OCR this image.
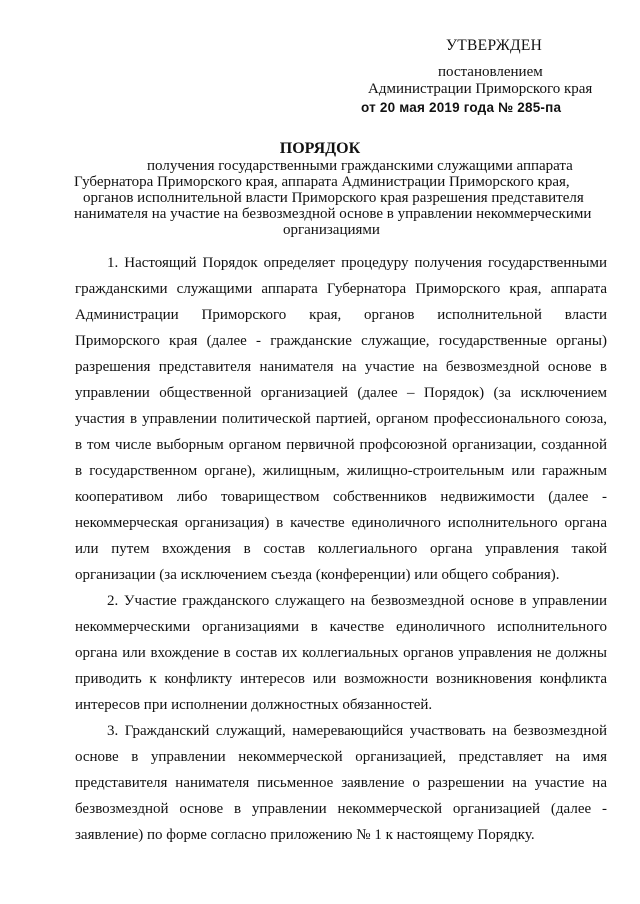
УТВЕРЖДЕН
постановлением
Администрации Приморского края
от 20 мая 2019 года № 285-па
ПОРЯДОК
получения государственными гражданскими служащими аппарата
Губернатора Приморского края, аппарата Администрации Приморского края,
органов исполнительной власти Приморского края разрешения представителя
нанимателя на участие на безвозмездной основе в управлении некоммерческими
организациями
1. Настоящий Порядок определяет процедуру получения государственными
гражданскими служащими аппарата Губернатора Приморского края, аппарата
Администрации Приморского края, органов исполнительной власти
Приморского края (далее - гражданские служащие, государственные органы)
разрешения представителя нанимателя на участие на безвозмездной основе в
управлении общественной организацией (далее – Порядок) (за исключением
участия в управлении политической партией, органом профессионального союза,
в том числе выборным органом первичной профсоюзной организации, созданной
в государственном органе), жилищным, жилищно-строительным или гаражным
кооперативом либо товариществом собственников недвижимости (далее -
некоммерческая организация) в качестве единоличного исполнительного органа
или путем вхождения в состав коллегиального органа управления такой
организации (за исключением съезда (конференции) или общего собрания).
2. Участие гражданского служащего на безвозмездной основе в управлении
некоммерческими организациями в качестве единоличного исполнительного
органа или вхождение в состав их коллегиальных органов управления не должны
приводить к конфликту интересов или возможности возникновения конфликта
интересов при исполнении должностных обязанностей.
3. Гражданский служащий, намеревающийся участвовать на безвозмездной
основе в управлении некоммерческой организацией, представляет на имя
представителя нанимателя письменное заявление о разрешении на участие на
безвозмездной основе в управлении некоммерческой организацией (далее -
заявление) по форме согласно приложению № 1 к настоящему Порядку.
